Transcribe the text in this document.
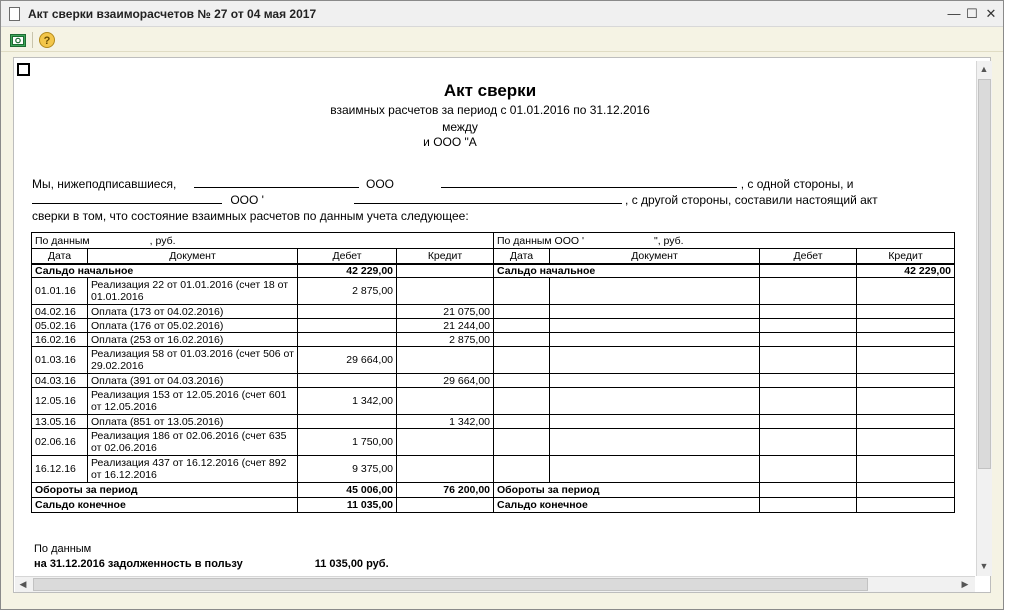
Акт сверки взаиморасчетов № 27 от 04 мая 2017	— ☐ ✕
?
Акт сверки
взаимных расчетов за период с 01.01.2016 по 31.12.2016
между
и ООО "А
Мы, нижеподписавшиеся,	ООО	, с одной стороны, и
ООО '	, с другой стороны, составили настоящий акт
сверки в том, что состояние взаимных расчетов по данным учета следующее:
По данным , руб.				По данным ООО ' ", руб.			
Дата	Документ	Дебет	Кредит	Дата	Документ	Дебет	Кредит
Сальдо начальное		42 229,00		Сальдо начальное			42 229,00
01.01.16	Реализация 22 от 01.01.2016 (счет 18 от 01.01.2016	2 875,00					
04.02.16	Оплата (173 от 04.02.2016)		21 075,00				
05.02.16	Оплата (176 от 05.02.2016)		21 244,00				
16.02.16	Оплата (253 от 16.02.2016)		2 875,00				
01.03.16	Реализация 58 от 01.03.2016 (счет 506 от 29.02.2016	29 664,00					
04.03.16	Оплата (391 от 04.03.2016)		29 664,00				
12.05.16	Реализация 153 от 12.05.2016 (счет 601 от 12.05.2016	1 342,00					
13.05.16	Оплата (851 от 13.05.2016)		1 342,00				
02.06.16	Реализация 186 от 02.06.2016 (счет 635 от 02.06.2016	1 750,00					
16.12.16	Реализация 437 от 16.12.2016 (счет 892 от 16.12.2016	9 375,00					
Обороты за период		45 006,00	76 200,00	Обороты за период			
Сальдо конечное		11 035,00		Сальдо конечное			
По данным
на 31.12.2016 задолженность в пользу	11 035,00 руб.
▲
▼
◀	▶
